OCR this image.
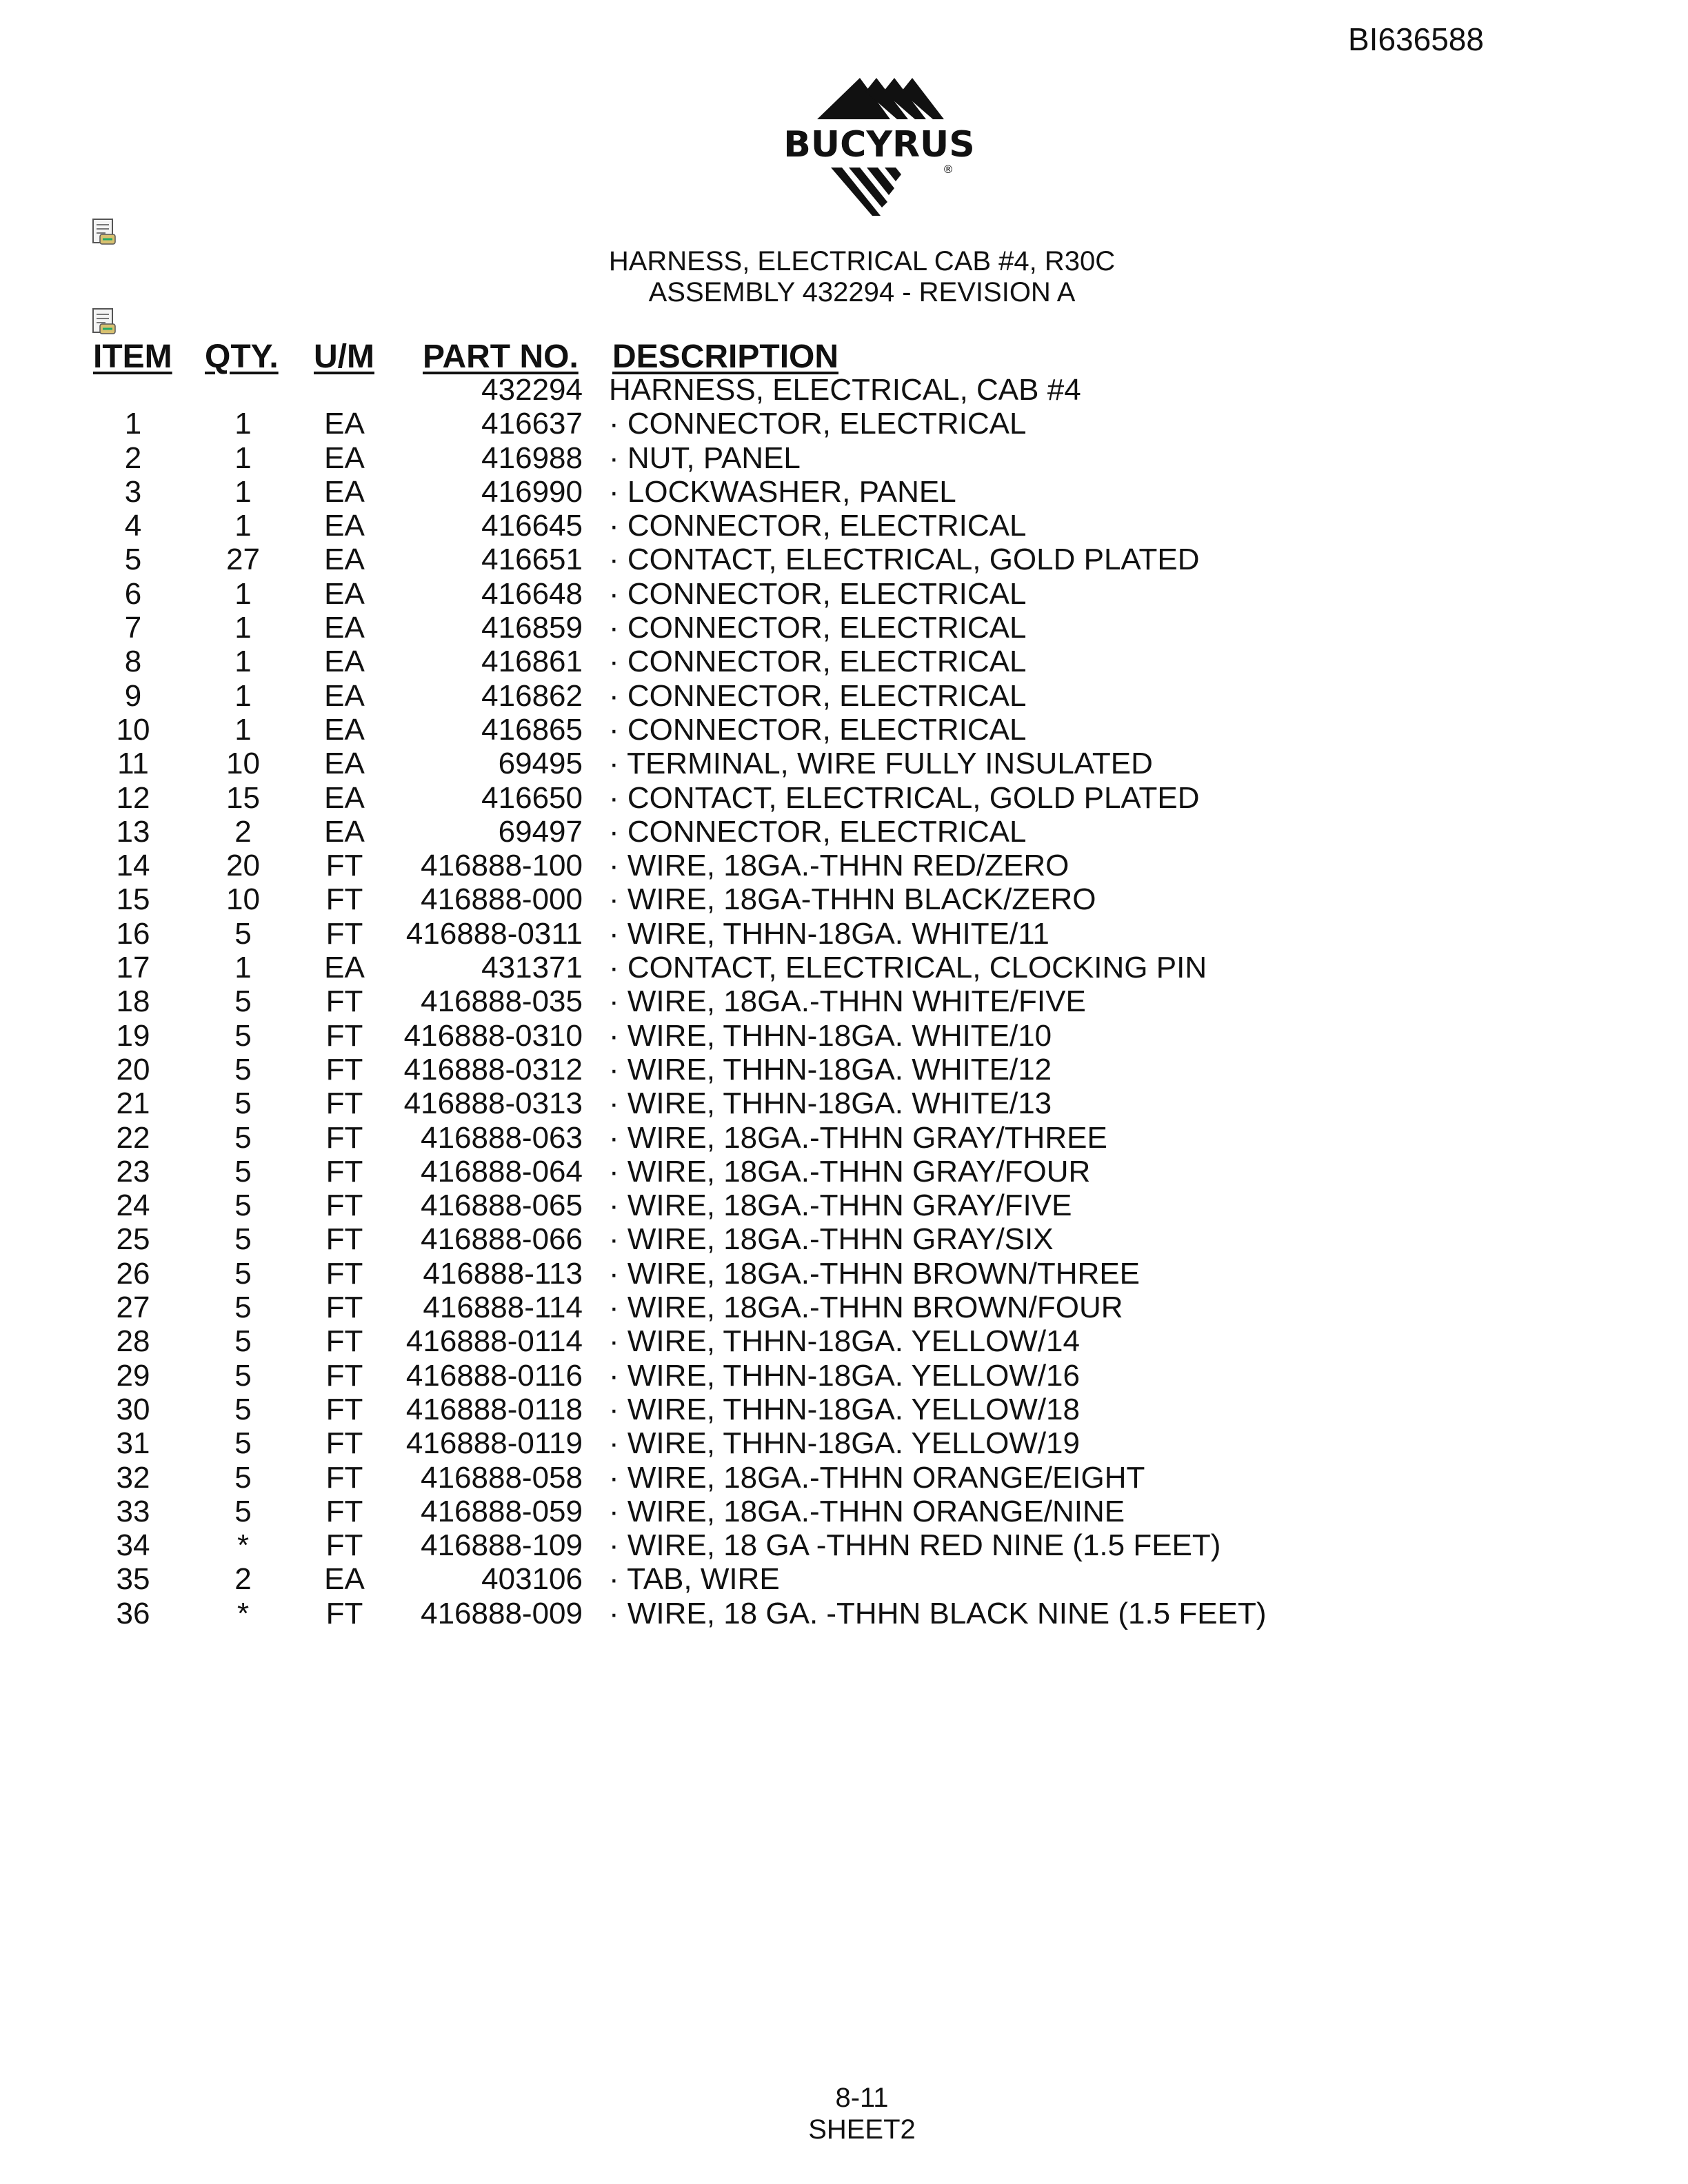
BI636588
BUCYRUS
®
HARNESS, ELECTRICAL CAB #4, R30C
ASSEMBLY 432294 - REVISION A
ITEM QTY. U/M PART NO. DESCRIPTION
432294 HARNESS, ELECTRICAL, CAB #4
1	1	EA	416637 · CONNECTOR, ELECTRICAL
2	1	EA	416988 · NUT, PANEL
3	1	EA	416990 · LOCKWASHER, PANEL
4	1	EA	416645 · CONNECTOR, ELECTRICAL
5	27	EA	416651 · CONTACT, ELECTRICAL, GOLD PLATED
6	1	EA	416648 · CONNECTOR, ELECTRICAL
7	1	EA	416859 · CONNECTOR, ELECTRICAL
8	1	EA	416861 · CONNECTOR, ELECTRICAL
9	1	EA	416862 · CONNECTOR, ELECTRICAL
10	1	EA	416865 · CONNECTOR, ELECTRICAL
11	10	EA	69495 · TERMINAL, WIRE FULLY INSULATED
12	15	EA	416650 · CONTACT, ELECTRICAL, GOLD PLATED
13	2	EA	69497 · CONNECTOR, ELECTRICAL
14	20	FT	416888-100 · WIRE, 18GA.-THHN RED/ZERO
15	10	FT	416888-000 · WIRE, 18GA-THHN BLACK/ZERO
16	5	FT	416888-0311 · WIRE, THHN-18GA. WHITE/11
17	1	EA	431371 · CONTACT, ELECTRICAL, CLOCKING PIN
18	5	FT	416888-035 · WIRE, 18GA.-THHN WHITE/FIVE
19	5	FT	416888-0310 · WIRE, THHN-18GA. WHITE/10
20	5	FT	416888-0312 · WIRE, THHN-18GA. WHITE/12
21	5	FT	416888-0313 · WIRE, THHN-18GA. WHITE/13
22	5	FT	416888-063 · WIRE, 18GA.-THHN GRAY/THREE
23	5	FT	416888-064 · WIRE, 18GA.-THHN GRAY/FOUR
24	5	FT	416888-065 · WIRE, 18GA.-THHN GRAY/FIVE
25	5	FT	416888-066 · WIRE, 18GA.-THHN GRAY/SIX
26	5	FT	416888-113 · WIRE, 18GA.-THHN BROWN/THREE
27	5	FT	416888-114 · WIRE, 18GA.-THHN BROWN/FOUR
28	5	FT	416888-0114 · WIRE, THHN-18GA. YELLOW/14
29	5	FT	416888-0116 · WIRE, THHN-18GA. YELLOW/16
30	5	FT	416888-0118 · WIRE, THHN-18GA. YELLOW/18
31	5	FT	416888-0119 · WIRE, THHN-18GA. YELLOW/19
32	5	FT	416888-058 · WIRE, 18GA.-THHN ORANGE/EIGHT
33	5	FT	416888-059 · WIRE, 18GA.-THHN ORANGE/NINE
34	*	FT	416888-109 · WIRE, 18 GA -THHN RED NINE (1.5 FEET)
35	2	EA	403106 · TAB, WIRE
36	*	FT	416888-009 · WIRE, 18 GA. -THHN BLACK NINE (1.5 FEET)
8-11
SHEET2
